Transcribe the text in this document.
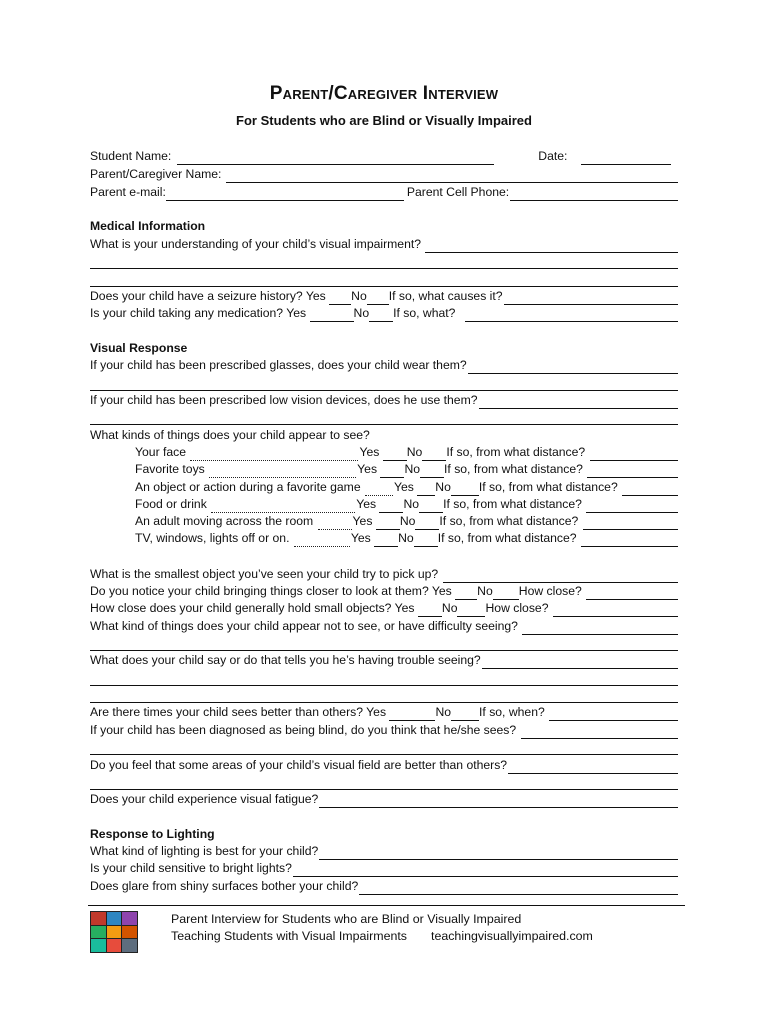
Parent/Caregiver Interview
For Students who are Blind or Visually Impaired
Student Name:	Date:
Parent/Caregiver Name:
Parent e-mail:	Parent Cell Phone:
Medical Information
What is your understanding of your child’s visual impairment?
Does your child have a seizure history? Yes No If so, what causes it?
Is your child taking any medication? Yes	No If so, what?
Visual Response
If your child has been prescribed glasses, does your child wear them?
If your child has been prescribed low vision devices, does he use them?
What kinds of things does your child appear to see?
Your face	Yes No If so, from what distance?
Favorite toys	Yes No If so, from what distance?
An object or action during a favorite game Yes No If so, from what distance?
Food or drink	Yes No If so, from what distance?
An adult moving across the room	Yes No If so, from what distance?
TV, windows, lights off or on.	Yes No If so, from what distance?
What is the smallest object you’ve seen your child try to pick up?
Do you notice your child bringing things closer to look at them? Yes No How close?
How close does your child generally hold small objects? Yes No How close?
What kind of things does your child appear not to see, or have difficulty seeing?
What does your child say or do that tells you he’s having trouble seeing?
Are there times your child sees better than others? Yes	No If so, when?
If your child has been diagnosed as being blind, do you think that he/she sees?
Do you feel that some areas of your child’s visual field are better than others?
Does your child experience visual fatigue?
Response to Lighting
What kind of lighting is best for your child?
Is your child sensitive to bright lights?
Does glare from shiny surfaces bother your child?
Parent Interview for Students who are Blind or Visually Impaired
Teaching Students with Visual Impairments teachingvisuallyimpaired.com
